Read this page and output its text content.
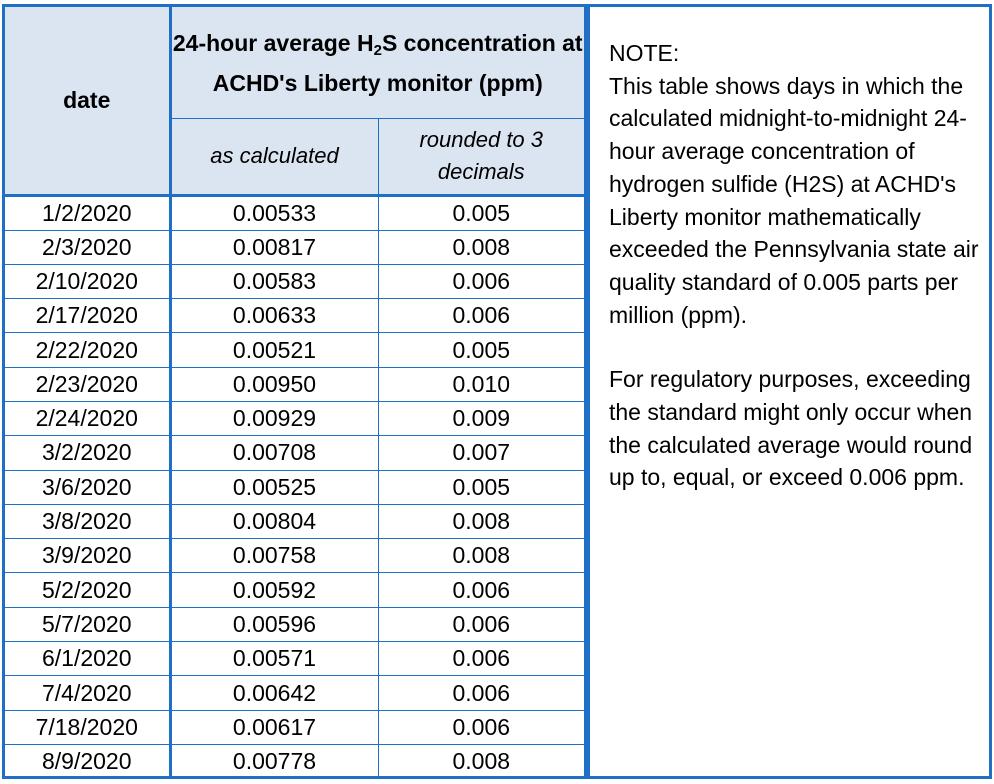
date	24-hour average $H_2S$ concentration at ACHD's Liberty monitor (ppm)	
	as calculated	rounded to 3 decimals
1/2/2020	0.00533	0.005
2/3/2020	0.00817	0.008
2/10/2020	0.00583	0.006
2/17/2020	0.00633	0.006
2/22/2020	0.00521	0.005
2/23/2020	0.00950	0.010
2/24/2020	0.00929	0.009
3/2/2020	0.00708	0.007
3/6/2020	0.00525	0.005
3/8/2020	0.00804	0.008
3/9/2020	0.00758	0.008
5/2/2020	0.00592	0.006
5/7/2020	0.00596	0.006
6/1/2020	0.00571	0.006
7/4/2020	0.00642	0.006
7/18/2020	0.00617	0.006
8/9/2020	0.00778	0.008
NOTE:

This table shows days in which the calculated midnight-to-midnight 24-hour average concentration of hydrogen sulfide (H2S) at ACHD's Liberty monitor mathematically exceeded the Pennsylvania state air quality standard of 0.005 parts per million (ppm).

For regulatory purposes, exceeding the standard might only occur when the calculated average would round up to, equal, or exceed 0.006 ppm.
